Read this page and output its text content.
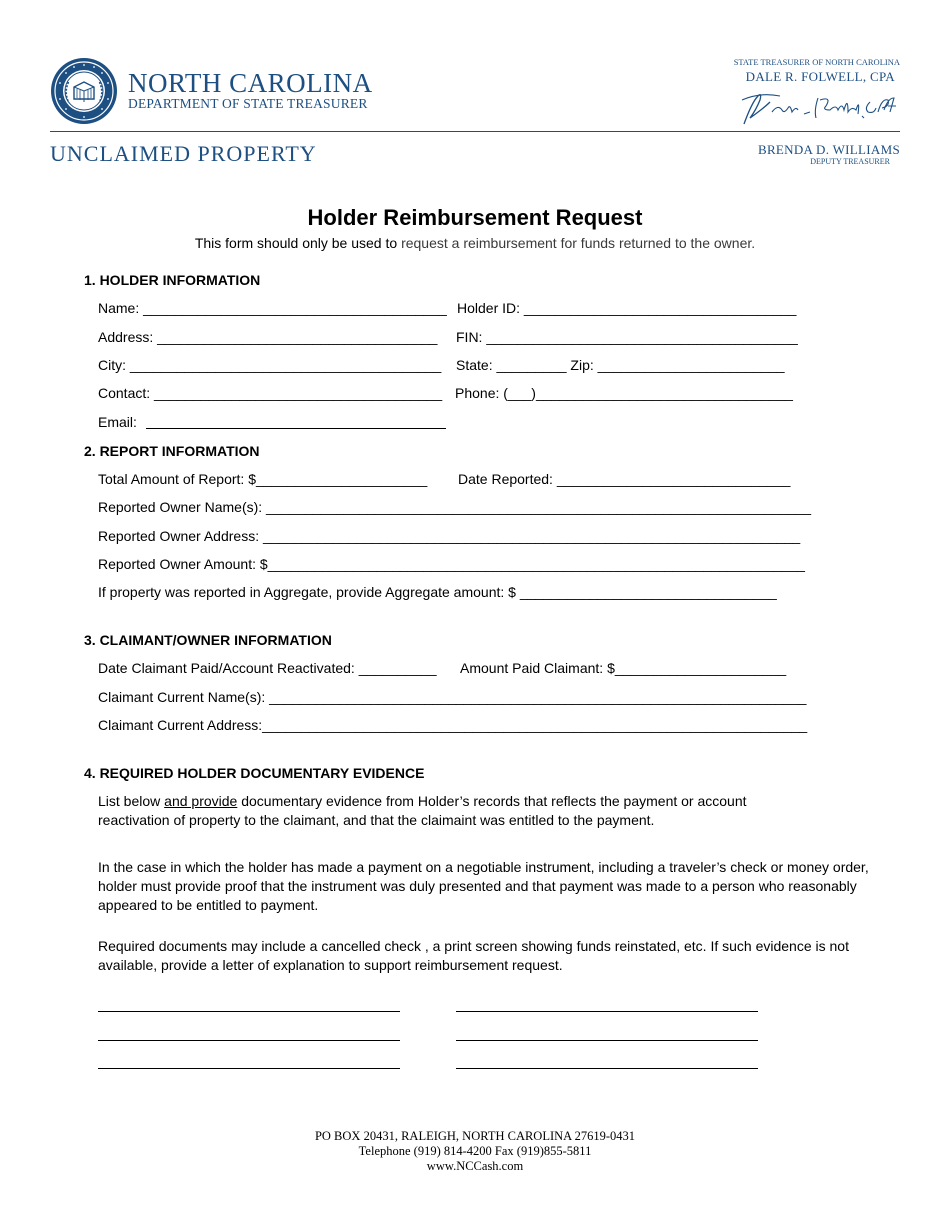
NORTH CAROLINA
DEPARTMENT OF STATE TREASURER
UNCLAIMED PROPERTY
STATE TREASURER OF NORTH CAROLINA
DALE R. FOLWELL, CPA
BRENDA D. WILLIAMS
DEPUTY TREASURER
Holder Reimbursement Request
This form should only be used to request a reimbursement for funds returned to the owner.
1. HOLDER INFORMATION
Name: _______________________________________ Holder ID: ___________________________________
Address: ____________________________________ FIN: ________________________________________
City: ________________________________________ State: _________ Zip: ________________________
Contact: _____________________________________ Phone: (___)_________________________________
Email:
2. REPORT INFORMATION
Total Amount of Report: $______________________ Date Reported: ______________________________
Reported Owner Name(s): ______________________________________________________________________
Reported Owner Address: _____________________________________________________________________
Reported Owner Amount: $_____________________________________________________________________
If property was reported in Aggregate, provide Aggregate amount: $ _________________________________
3. CLAIMANT/OWNER INFORMATION
Date Claimant Paid/Account Reactivated: __________ Amount Paid Claimant: $______________________
Claimant Current Name(s): _____________________________________________________________________
Claimant Current Address:______________________________________________________________________
4. REQUIRED HOLDER DOCUMENTARY EVIDENCE
List below and provide documentary evidence from Holder’s records that reflects the payment or account reactivation of property to the claimant, and that the claimaint was entitled to the payment.
In the case in which the holder has made a payment on a negotiable instrument, including a traveler’s check or money order, holder must provide proof that the instrument was duly presented and that payment was made to a person who reasonably appeared to be entitled to payment.
Required documents may include a cancelled check , a print screen showing funds reinstated, etc. If such evidence is not available, provide a letter of explanation to support reimbursement request.
PO BOX 20431, RALEIGH, NORTH CAROLINA 27619-0431
Telephone (919) 814-4200 Fax (919)855-5811
www.NCCash.com
